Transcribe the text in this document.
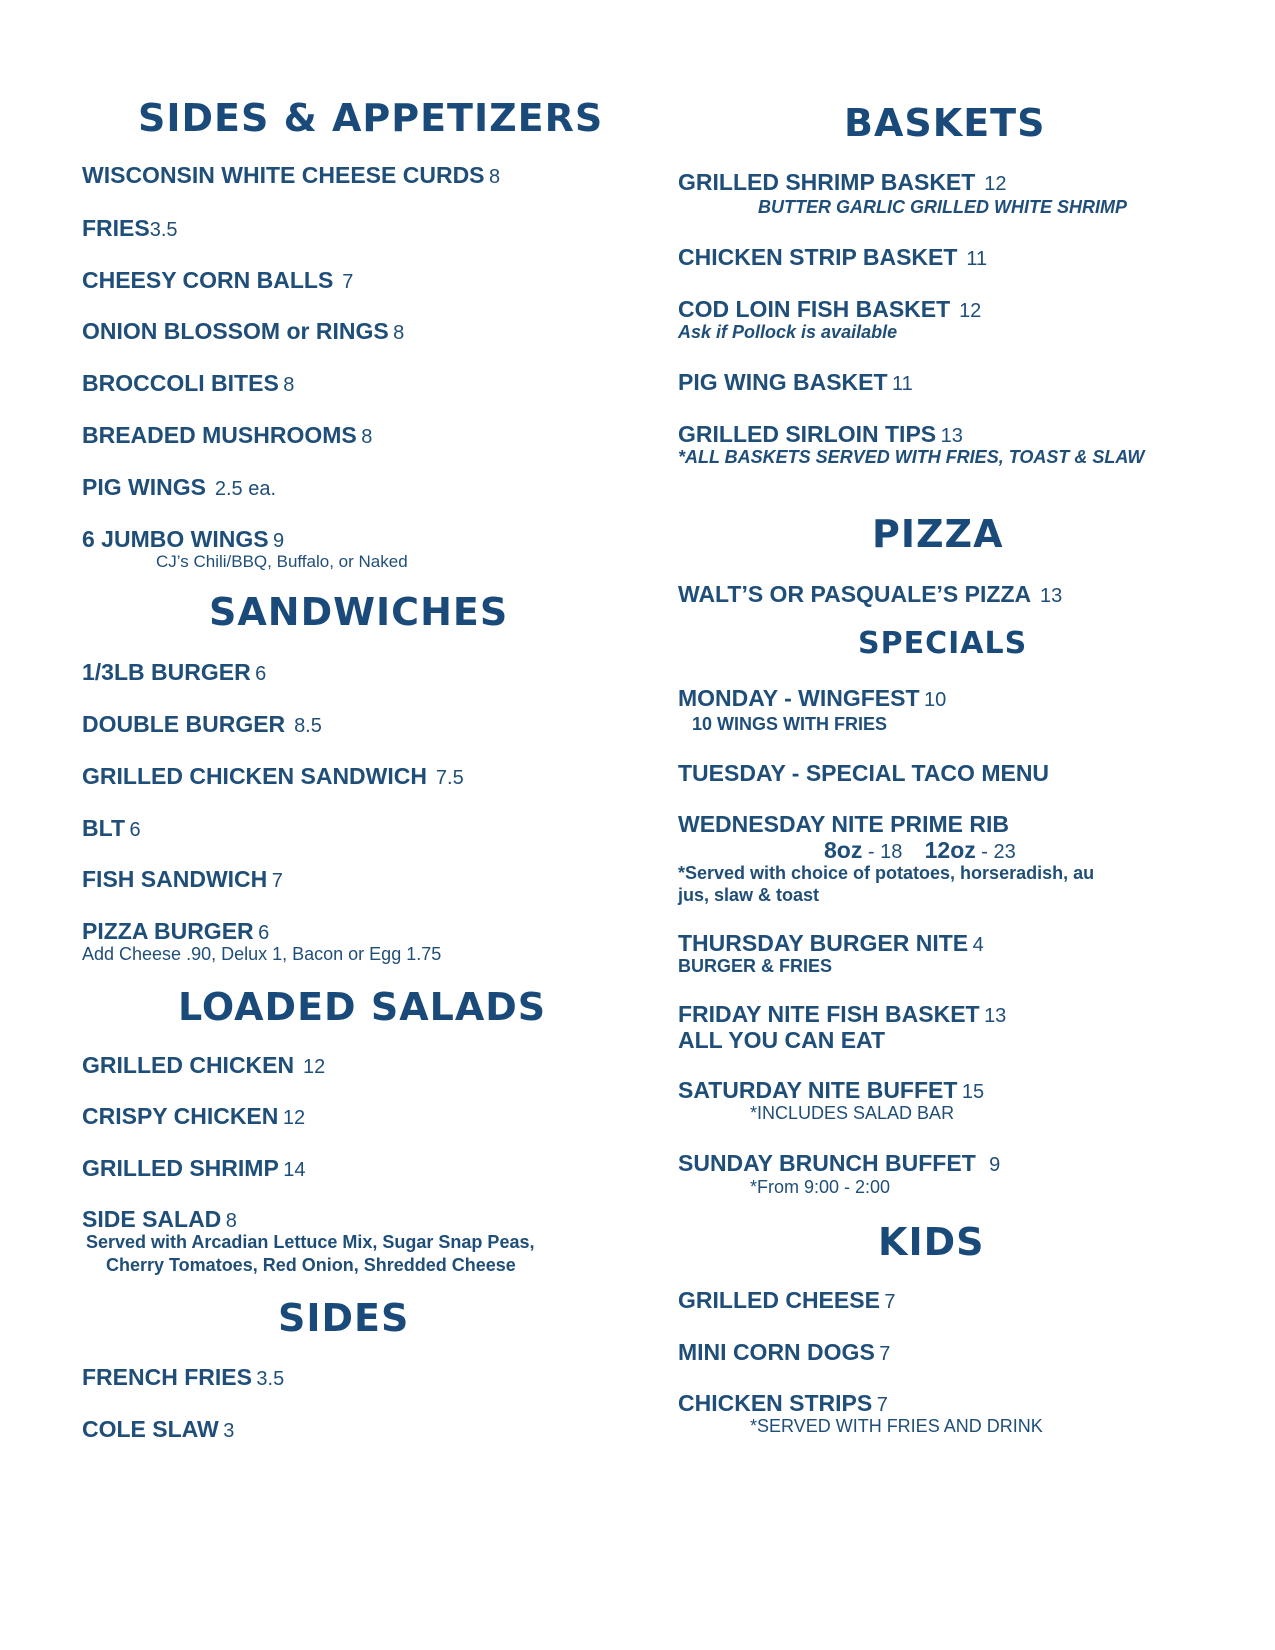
SIDES & APPETIZERS
WISCONSIN WHITE CHEESE CURDS 8
FRIES3.5
CHEESY CORN BALLS 7
ONION BLOSSOM or RINGS 8
BROCCOLI BITES 8
BREADED MUSHROOMS 8
PIG WINGS 2.5 ea.
6 JUMBO WINGS 9
CJ’s Chili/BBQ, Buffalo, or Naked
SANDWICHES
1/3LB BURGER 6
DOUBLE BURGER 8.5
GRILLED CHICKEN SANDWICH 7.5
BLT 6
FISH SANDWICH 7
PIZZA BURGER 6
Add Cheese .90, Delux 1, Bacon or Egg 1.75
LOADED SALADS
GRILLED CHICKEN 12
CRISPY CHICKEN 12
GRILLED SHRIMP 14
SIDE SALAD 8
Served with Arcadian Lettuce Mix, Sugar Snap Peas,
Cherry Tomatoes, Red Onion, Shredded Cheese
SIDES
FRENCH FRIES 3.5
COLE SLAW 3
BASKETS
GRILLED SHRIMP BASKET 12
BUTTER GARLIC GRILLED WHITE SHRIMP
CHICKEN STRIP BASKET 11
COD LOIN FISH BASKET 12
Ask if Pollock is available
PIG WING BASKET 11
GRILLED SIRLOIN TIPS 13
*ALL BASKETS SERVED WITH FRIES, TOAST & SLAW
PIZZA
WALT’S OR PASQUALE’S PIZZA 13
SPECIALS
MONDAY - WINGFEST 10
10 WINGS WITH FRIES
TUESDAY - SPECIAL TACO MENU
WEDNESDAY NITE PRIME RIB
8oz - 18 12oz - 23
*Served with choice of potatoes, horseradish, au
jus, slaw & toast
THURSDAY BURGER NITE 4
BURGER & FRIES
FRIDAY NITE FISH BASKET 13
ALL YOU CAN EAT
SATURDAY NITE BUFFET 15
*INCLUDES SALAD BAR
SUNDAY BRUNCH BUFFET 9
*From 9:00 - 2:00
KIDS
GRILLED CHEESE 7
MINI CORN DOGS 7
CHICKEN STRIPS 7
*SERVED WITH FRIES AND DRINK
